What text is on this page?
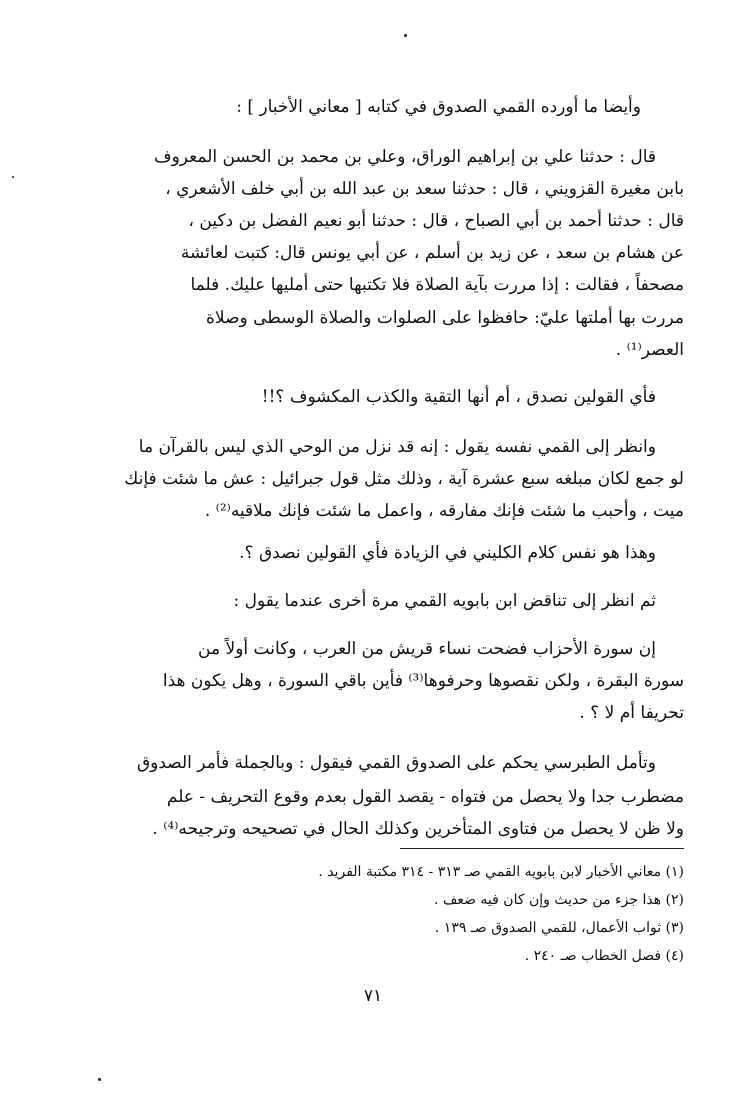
وأيضا ما أورده القمي الصدوق في كتابه [ معاني الأخبار ] :
قال : حدثنا علي بن إبراهيم الوراق، وعلي بن محمد بن الحسن المعروف
بابن مغيرة القزويني ، قال : حدثنا سعد بن عبد الله بن أبي خلف الأشعري ،
قال : حدثنا أحمد بن أبي الصباح ، قال : حدثنا أبو نعيم الفضل بن دكين ،
عن هشام بن سعد ، عن زيد بن أسلم ، عن أبي يونس قال: كتبت لعائشة
مصحفاً ، فقالت : إذا مررت بآية الصلاة فلا تكتبها حتى أمليها عليك. فلما
مررت بها أملتها عليّ: حافظوا على الصلوات والصلاة الوسطى وصلاة
العصر⁽¹⁾ .
فأي القولين نصدق ، أم أنها التقية والكذب المكشوف ؟!!
وانظر إلى القمي نفسه يقول : إنه قد نزل من الوحي الذي ليس بالقرآن ما
لو جمع لكان مبلغه سبع عشرة آية ، وذلك مثل قول جبرائيل : عش ما شئت فإنك
ميت ، وأحبب ما شئت فإنك مفارقه ، واعمل ما شئت فإنك ملاقيه⁽²⁾ .
وهذا هو نفس كلام الكليني في الزيادة فأي القولين نصدق ؟.
ثم انظر إلى تناقض ابن بابويه القمي مرة أخرى عندما يقول :
إن سورة الأحزاب فضحت نساء قريش من العرب ، وكانت أولاً من
سورة البقرة ، ولكن نقصوها وحرفوها⁽³⁾ فأين باقي السورة ، وهل يكون هذا
تحريفا أم لا ؟ .
وتأمل الطبرسي يحكم على الصدوق القمي فيقول : وبالجملة فأمر الصدوق
مضطرب جدا ولا يحصل من فتواه - يقصد القول بعدم وقوع التحريف - علم
ولا ظن لا يحصل من فتاوى المتأخرين وكذلك الحال في تصحيحه وترجيحه⁽⁴⁾ .
(١) معاني الأخبار لابن بابويه القمي صـ ٣١٣ - ٣١٤ مكتبة الفريد .
(٢) هذا جزء من حديث وإن كان فيه ضعف .
(٣) ثواب الأعمال، للقمي الصدوق صـ ١٣٩ .
(٤) فصل الخطاب صـ ٢٤٠ .
٧١
